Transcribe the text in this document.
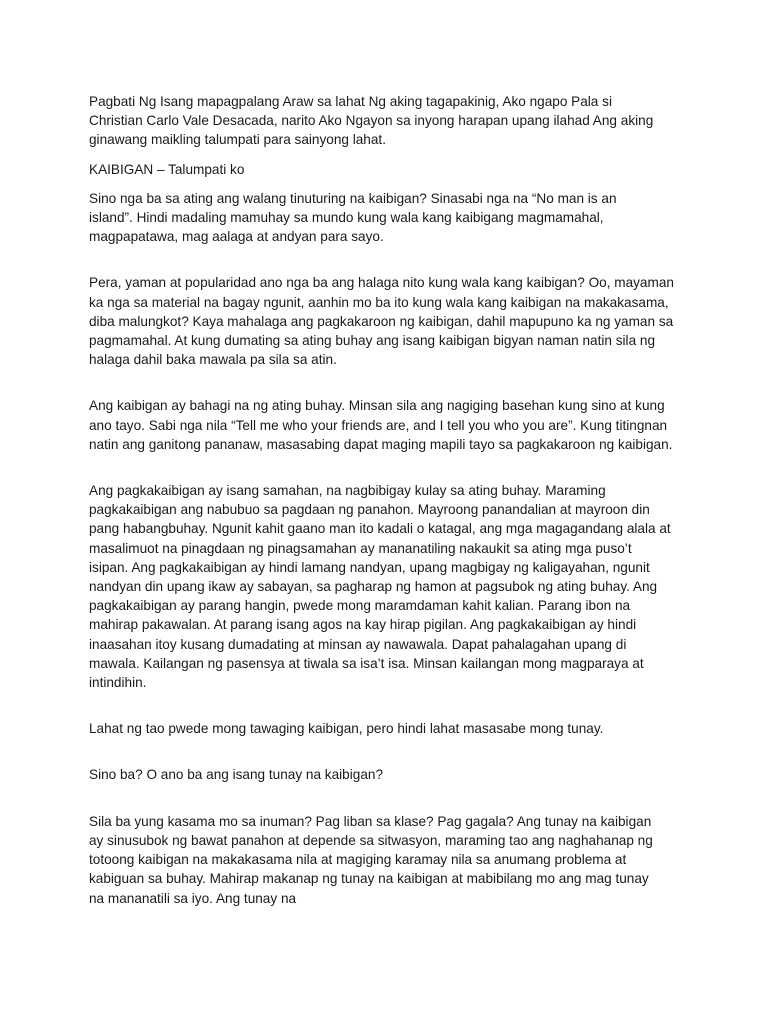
Pagbati Ng Isang mapagpalang Araw sa lahat Ng aking tagapakinig, Ako ngapo Pala si Christian Carlo Vale Desacada, narito Ako Ngayon sa inyong harapan upang ilahad Ang aking ginawang maikling talumpati para sainyong lahat.

KAIBIGAN – Talumpati ko

Sino nga ba sa ating ang walang tinuturing na kaibigan? Sinasabi nga na “No man is an island”. Hindi madaling mamuhay sa mundo kung wala kang kaibigang magmamahal, magpapatawa, mag aalaga at andyan para sayo.

Pera, yaman at popularidad ano nga ba ang halaga nito kung wala kang kaibigan? Oo, mayaman ka nga sa material na bagay ngunit, aanhin mo ba ito kung wala kang kaibigan na makakasama, diba malungkot? Kaya mahalaga ang pagkakaroon ng kaibigan, dahil mapupuno ka ng yaman sa pagmamahal. At kung dumating sa ating buhay ang isang kaibigan bigyan naman natin sila ng halaga dahil baka mawala pa sila sa atin.

Ang kaibigan ay bahagi na ng ating buhay. Minsan sila ang nagiging basehan kung sino at kung ano tayo. Sabi nga nila “Tell me who your friends are, and I tell you who you are”. Kung titingnan natin ang ganitong pananaw, masasabing dapat maging mapili tayo sa pagkakaroon ng kaibigan.

Ang pagkakaibigan ay isang samahan, na nagbibigay kulay sa ating buhay. Maraming pagkakaibigan ang nabubuo sa pagdaan ng panahon. Mayroong panandalian at mayroon din pang habangbuhay. Ngunit kahit gaano man ito kadali o katagal, ang mga magagandang alala at masalimuot na pinagdaan ng pinagsamahan ay mananatiling nakaukit sa ating mga puso’t isipan. Ang pagkakaibigan ay hindi lamang nandyan, upang magbigay ng kaligayahan, ngunit nandyan din upang ikaw ay sabayan, sa pagharap ng hamon at pagsubok ng ating buhay. Ang pagkakaibigan ay parang hangin, pwede mong maramdaman kahit kalian. Parang ibon na mahirap pakawalan. At parang isang agos na kay hirap pigilan. Ang pagkakaibigan ay hindi inaasahan itoy kusang dumadating at minsan ay nawawala. Dapat pahalagahan upang di mawala. Kailangan ng pasensya at tiwala sa isa’t isa. Minsan kailangan mong magparaya at intindihin.

Lahat ng tao pwede mong tawaging kaibigan, pero hindi lahat masasabe mong tunay.

Sino ba? O ano ba ang isang tunay na kaibigan?

Sila ba yung kasama mo sa inuman? Pag liban sa klase? Pag gagala? Ang tunay na kaibigan ay sinusubok ng bawat panahon at depende sa sitwasyon, maraming tao ang naghahanap ng totoong kaibigan na makakasama nila at magiging karamay nila sa anumang problema at kabiguan sa buhay. Mahirap makanap ng tunay na kaibigan at mabibilang mo ang mag tunay na mananatili sa iyo. Ang tunay na
